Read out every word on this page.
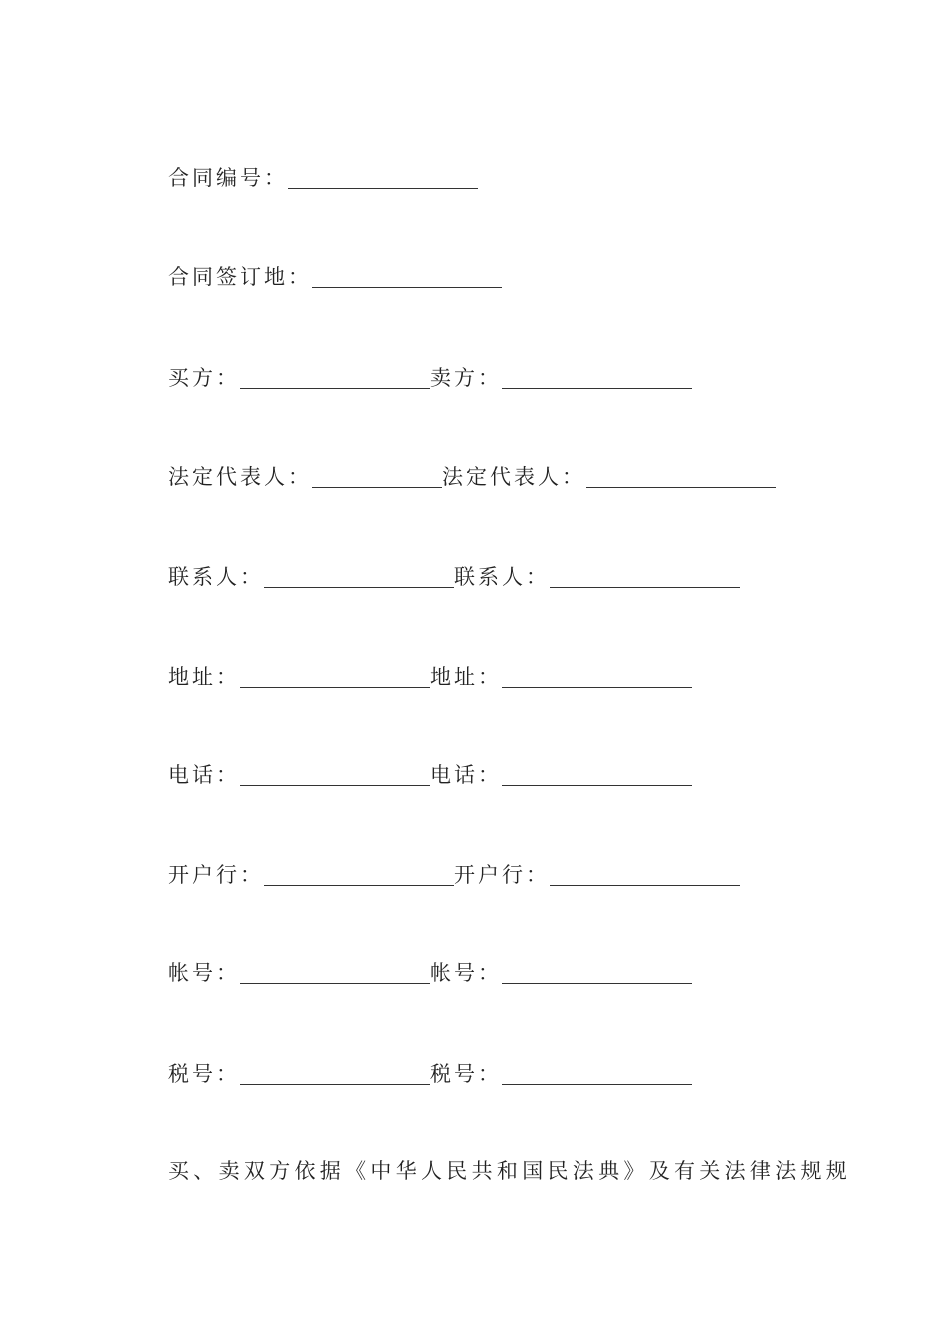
合同编号：
合同签订地：
买方：	卖方：
法定代表人：	法定代表人：
联系人：	联系人：
地址：	地址：
电话：	电话：
开户行：	开户行：
帐号：	帐号：
税号：	税号：
买、卖双方依据《中华人民共和国民法典》及有关法律法规规
